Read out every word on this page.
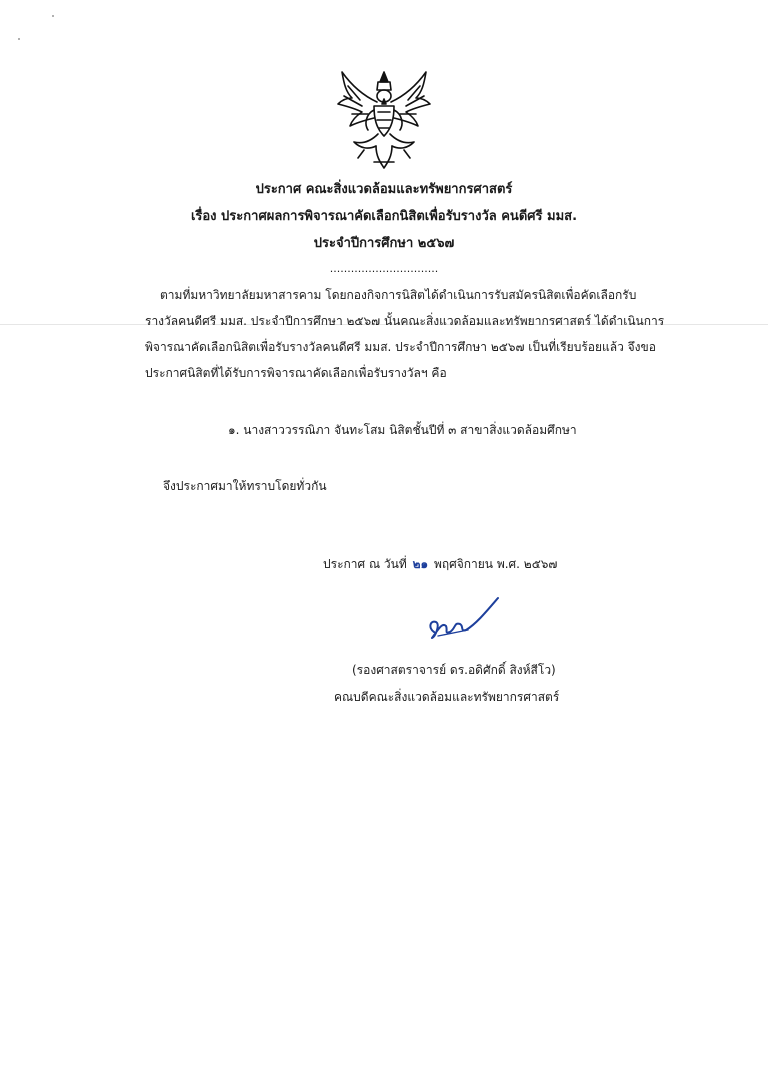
ประกาศ คณะสิ่งแวดล้อมและทรัพยากรศาสตร์
เรื่อง ประกาศผลการพิจารณาคัดเลือกนิสิตเพื่อรับรางวัล คนดีศรี มมส.
ประจำปีการศึกษา ๒๕๖๗
...............................
ตามที่มหาวิทยาลัยมหาสารคาม โดยกองกิจการนิสิตได้ดำเนินการรับสมัครนิสิตเพื่อคัดเลือกรับ
รางวัลคนดีศรี มมส. ประจำปีการศึกษา ๒๕๖๗ นั้นคณะสิ่งแวดล้อมและทรัพยากรศาสตร์ ได้ดำเนินการ
พิจารณาคัดเลือกนิสิตเพื่อรับรางวัลคนดีศรี มมส. ประจำปีการศึกษา ๒๕๖๗ เป็นที่เรียบร้อยแล้ว จึงขอ
ประกาศนิสิตที่ได้รับการพิจารณาคัดเลือกเพื่อรับรางวัลฯ คือ
๑. นางสาววรรณิภา จันทะโสม นิสิตชั้นปีที่ ๓ สาขาสิ่งแวดล้อมศึกษา
จึงประกาศมาให้ทราบโดยทั่วกัน
ประกาศ ณ วันที่ ๒๑ พฤศจิกายน พ.ศ. ๒๕๖๗
(รองศาสตราจารย์ ดร.อดิศักดิ์ สิงห์สีโว)
คณบดีคณะสิ่งแวดล้อมและทรัพยากรศาสตร์
